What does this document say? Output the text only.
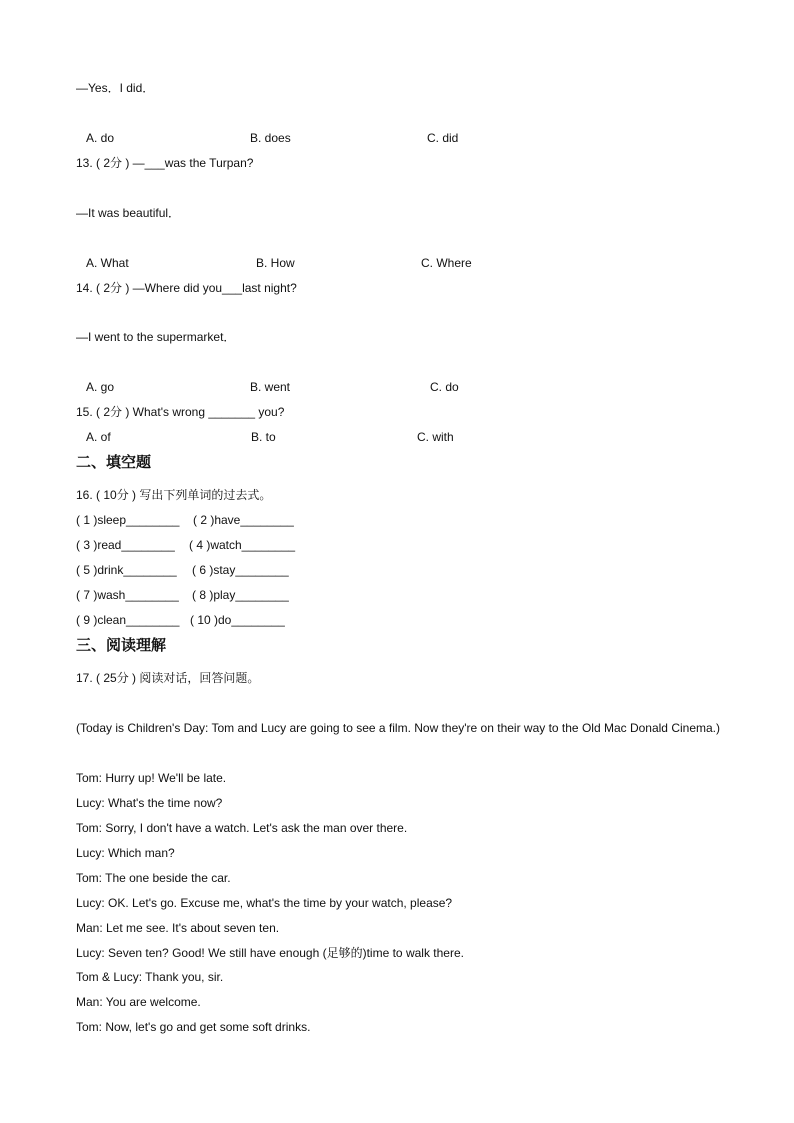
—Yes．I did．
A. do	B. does	C. did
13. ( 2分 ) —___was the Turpan?
—It was beautiful．
A. What	B. How	C. Where
14. ( 2分 ) —Where did you___last night?
—I went to the supermarket．
A. go	B. went	C. do
15. ( 2分 ) What's wrong _______ you?
A. of	B. to	C. with
二、填空题
16. ( 10分 ) 写出下列单词的过去式。
( 1 )sleep________ ( 2 )have________
( 3 )read________ ( 4 )watch________
( 5 )drink________ ( 6 )stay________
( 7 )wash________ ( 8 )play________
( 9 )clean________ ( 10 )do________
三、阅读理解
17. ( 25分 ) 阅读对话，回答问题。
(Today is Children's Day: Tom and Lucy are going to see a film. Now they're on their way to the Old Mac Donald Cinema.)
Tom: Hurry up! We'll be late.
Lucy: What's the time now?
Tom: Sorry, I don't have a watch. Let's ask the man over there.
Lucy: Which man?
Tom: The one beside the car.
Lucy: OK. Let's go. Excuse me, what's the time by your watch, please?
Man: Let me see. It's about seven ten.
Lucy: Seven ten? Good! We still have enough (足够的)time to walk there.
Tom & Lucy: Thank you, sir.
Man: You are welcome.
Tom: Now, let's go and get some soft drinks.
